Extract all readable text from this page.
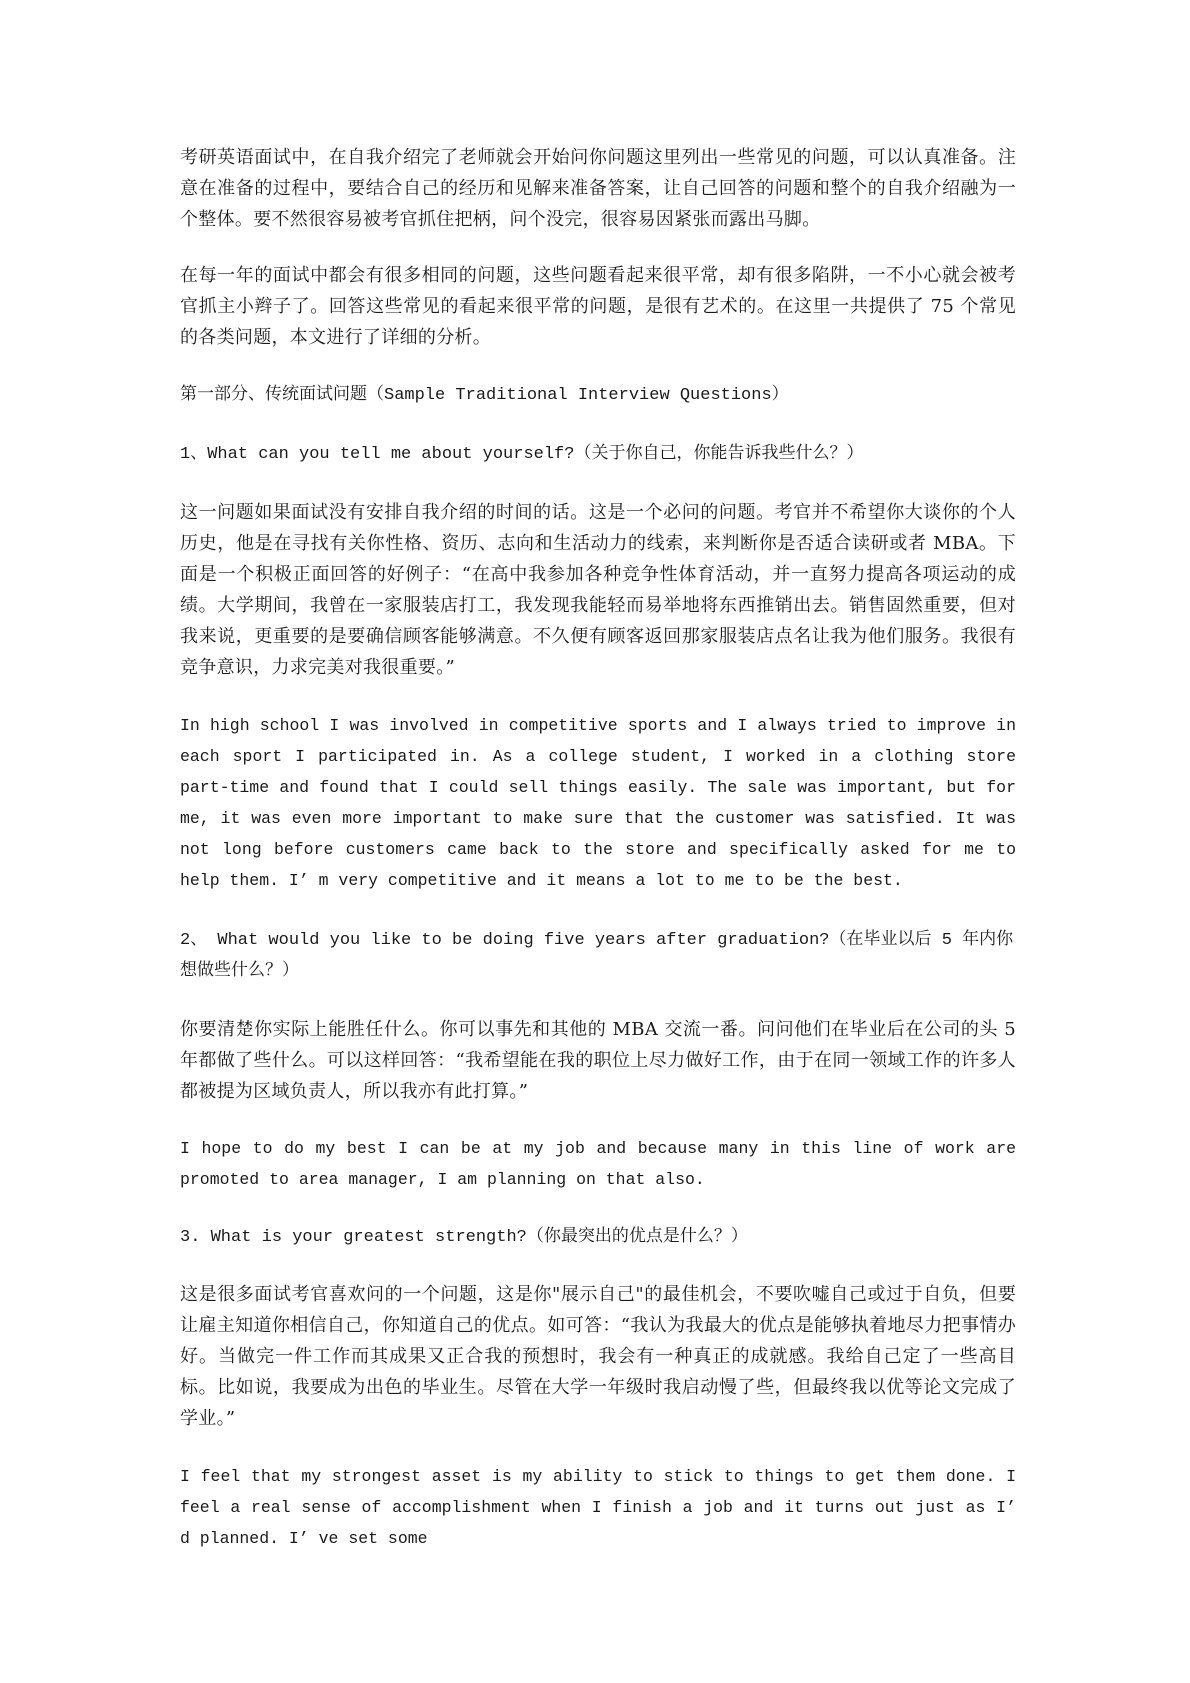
考研英语面试中，在自我介绍完了老师就会开始问你问题这里列出一些常见的问题，可以认真准备。注意在准备的过程中，要结合自己的经历和见解来准备答案，让自己回答的问题和整个的自我介绍融为一个整体。要不然很容易被考官抓住把柄，问个没完，很容易因紧张而露出马脚。

在每一年的面试中都会有很多相同的问题，这些问题看起来很平常，却有很多陷阱，一不小心就会被考官抓主小辫子了。回答这些常见的看起来很平常的问题，是很有艺术的。在这里一共提供了 75 个常见的各类问题，本文进行了详细的分析。

第一部分、传统面试问题（Sample Traditional Interview Questions）

1、What can you tell me about yourself?（关于你自己，你能告诉我些什么？）

这一问题如果面试没有安排自我介绍的时间的话。这是一个必问的问题。考官并不希望你大谈你的个人历史，他是在寻找有关你性格、资历、志向和生活动力的线索，来判断你是否适合读研或者 MBA。下面是一个积极正面回答的好例子：“在高中我参加各种竞争性体育活动，并一直努力提高各项运动的成绩。大学期间，我曾在一家服装店打工，我发现我能轻而易举地将东西推销出去。销售固然重要，但对我来说，更重要的是要确信顾客能够满意。不久便有顾客返回那家服装店点名让我为他们服务。我很有竞争意识，力求完美对我很重要。”

In high school I was involved in competitive sports and I always tried to improve in each sport I participated in. As a college student, I worked in a clothing store part-time and found that I could sell things easily. The sale was important, but for me, it was even more important to make sure that the customer was satisfied. It was not long before customers came back to the store and specifically asked for me to help them. I’ m very competitive and it means a lot to me to be the best.

2、 What would you like to be doing five years after graduation?（在毕业以后 5 年内你想做些什么？）

你要清楚你实际上能胜任什么。你可以事先和其他的 MBA 交流一番。问问他们在毕业后在公司的头 5 年都做了些什么。可以这样回答：“我希望能在我的职位上尽力做好工作，由于在同一领域工作的许多人都被提为区域负责人，所以我亦有此打算。”

I hope to do my best I can be at my job and because many in this line of work are promoted to area manager, I am planning on that also.

3. What is your greatest strength?（你最突出的优点是什么？）

这是很多面试考官喜欢问的一个问题，这是你"展示自己"的最佳机会，不要吹嘘自己或过于自负，但要让雇主知道你相信自己，你知道自己的优点。如可答：“我认为我最大的优点是能够执着地尽力把事情办好。当做完一件工作而其成果又正合我的预想时，我会有一种真正的成就感。我给自己定了一些高目标。比如说，我要成为出色的毕业生。尽管在大学一年级时我启动慢了些，但最终我以优等论文完成了学业。”

I feel that my strongest asset is my ability to stick to things to get them done. I feel a real sense of accomplishment when I finish a job and it turns out just as I’ d planned. I’ ve set some
